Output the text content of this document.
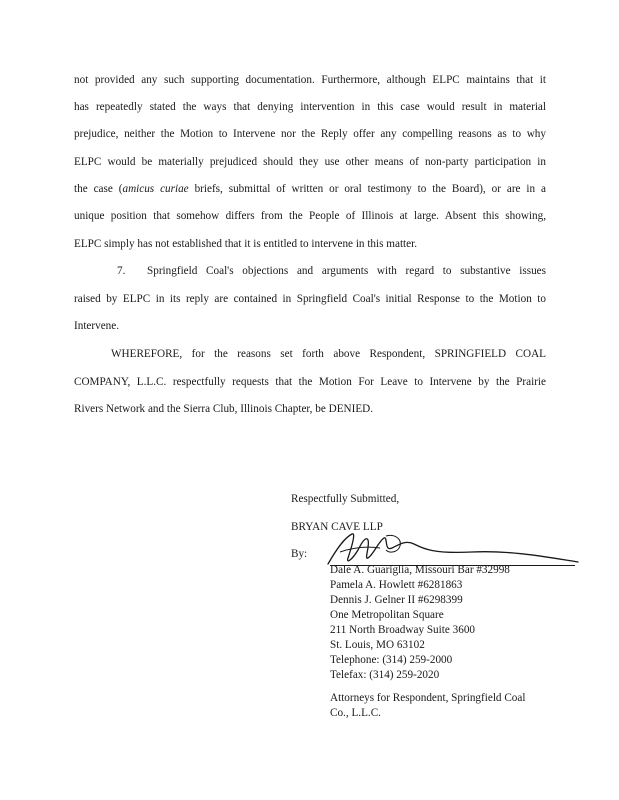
not provided any such supporting documentation. Furthermore, although ELPC maintains that it
has repeatedly stated the ways that denying intervention in this case would result in material
prejudice, neither the Motion to Intervene nor the Reply offer any compelling reasons as to why
ELPC would be materially prejudiced should they use other means of non-party participation in
the case (amicus curiae briefs, submittal of written or oral testimony to the Board), or are in a
unique position that somehow differs from the People of Illinois at large. Absent this showing,
ELPC simply has not established that it is entitled to intervene in this matter.
7. Springfield Coal's objections and arguments with regard to substantive issues
raised by ELPC in its reply are contained in Springfield Coal's initial Response to the Motion to
Intervene.
WHEREFORE, for the reasons set forth above Respondent, SPRINGFIELD COAL
COMPANY, L.L.C. respectfully requests that the Motion For Leave to Intervene by the Prairie
Rivers Network and the Sierra Club, Illinois Chapter, be DENIED.
Respectfully Submitted,
BRYAN CAVE LLP
By:
Dale A. Guariglia, Missouri Bar #32998
Pamela A. Howlett #6281863
Dennis J. Gelner II #6298399
One Metropolitan Square
211 North Broadway Suite 3600
St. Louis, MO 63102
Telephone: (314) 259-2000
Telefax: (314) 259-2020
Attorneys for Respondent, Springfield Coal
Co., L.L.C.
